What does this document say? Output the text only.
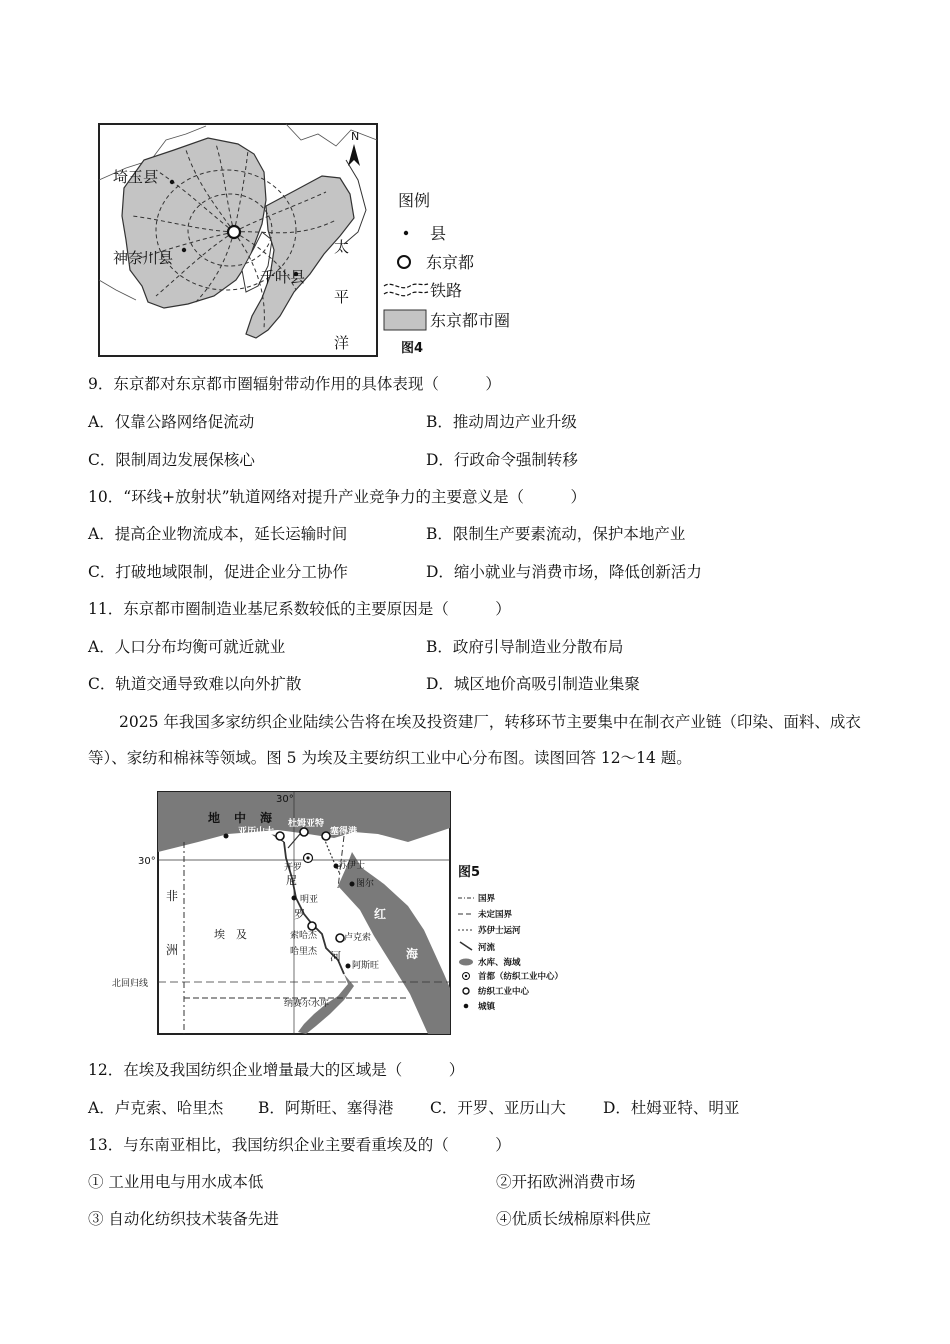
埼玉县
神奈川县
千叶县
太
平
洋
N
图例
县
东京都
铁路
东京都市圈
图4
9．东京都对东京都市圈辐射带动作用的具体表现（　　　）
A．仅靠公路网络促流动	B．推动周边产业升级
C．限制周边发展保核心	D．行政命令强制转移
10．“环线+放射状”轨道网络对提升产业竞争力的主要意义是（　　　）
A．提高企业物流成本，延长运输时间	B．限制生产要素流动，保护本地产业
C．打破地域限制，促进企业分工协作	D．缩小就业与消费市场，降低创新活力
11．东京都市圈制造业基尼系数较低的主要原因是（　　　）
A．人口分布均衡可就近就业	B．政府引导制造业分散布局
C．轨道交通导致难以向外扩散	D．城区地价高吸引制造业集聚
2025 年我国多家纺织企业陆续公告将在埃及投资建厂，转移环节主要集中在制衣产业链（印染、面料、成衣等）、家纺和棉袜等领域。图 5 为埃及主要纺织工业中心分布图。读图回答 12～14 题。
地 中 海
30°
30°
非
洲
埃　及
尼
罗
河
红
海
北回归线
亚历山大
杜姆亚特
塞得港
开罗	苏伊士
图尔
明亚
索哈杰
哈里杰
卢克索
阿斯旺
纳赛尔水库
图5
国界
未定国界
苏伊士运河
河流
水库、海域
首都（纺织工业中心）
纺织工业中心
城镇
12．在埃及我国纺织企业增量最大的区域是（　　　）
A．卢克索、哈里杰 B．阿斯旺、塞得港 C．开罗、亚历山大 D．杜姆亚特、明亚
13．与东南亚相比，我国纺织企业主要看重埃及的（　　　）
① 工业用电与用水成本低	②开拓欧洲消费市场
③ 自动化纺织技术装备先进	④优质长绒棉原料供应
